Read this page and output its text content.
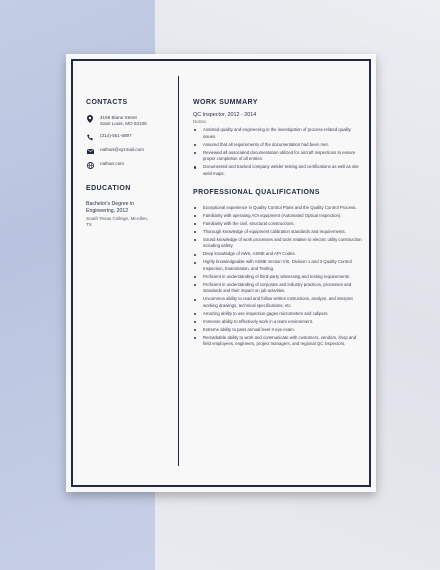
CONTACTS
4159 Blane Street
Saint Louis, MO 63108
(314)-551-6897
nathan@xyzmail.com
nathan.com
EDUCATION
Bachelor's Degree in
Engineering, 2012
South Texas College, McAllen,
TX
WORK SUMMARY
QC Inspector, 2012 - 2014
Notrax
Assisted quality and engineering in the investigation of process-related quality issues.
Assured that all requirements of the documentation had been met.
Reviewed all associated documentation utilized for aircraft inspections to ensure proper completion of all entries.
Documented and tracked company welder testing and certifications as well as site weld maps.
PROFESSIONAL QUALIFICATIONS
Exceptional experience in Quality Control Plans and the Quality Control Process.
Familiarity with operating AOI equipment (Automated Optical Inspection).
Familiarity with the civil, structural constructions.
Thorough knowledge of equipment calibration standards and requirements.
Sound knowledge of work processes and tools relative to electric utility construction including safety.
Deep knowledge of AWS, ASME and API Codes.
Highly knowledgeable with ASME section VIII, Division 1 and 3 Quality Control Inspection, Examination, and Testing.
Proficient in understanding of third-party witnessing and testing requirements.
Proficient in understanding of corporate and industry practices, processes and standards and their impact on job activities.
Uncommon ability to read and follow written instructions, analyze, and interpret working drawings, technical specifications, etc.
Amazing ability to use inspection gages micrometers and calipers.
Immense ability to effectively work in a team environment.
Extreme ability to pass annual level II eye exam.
Remarkable ability to work and communicate with customers, vendors, shop and field employees, engineers, project managers, and regional QC inspectors.
